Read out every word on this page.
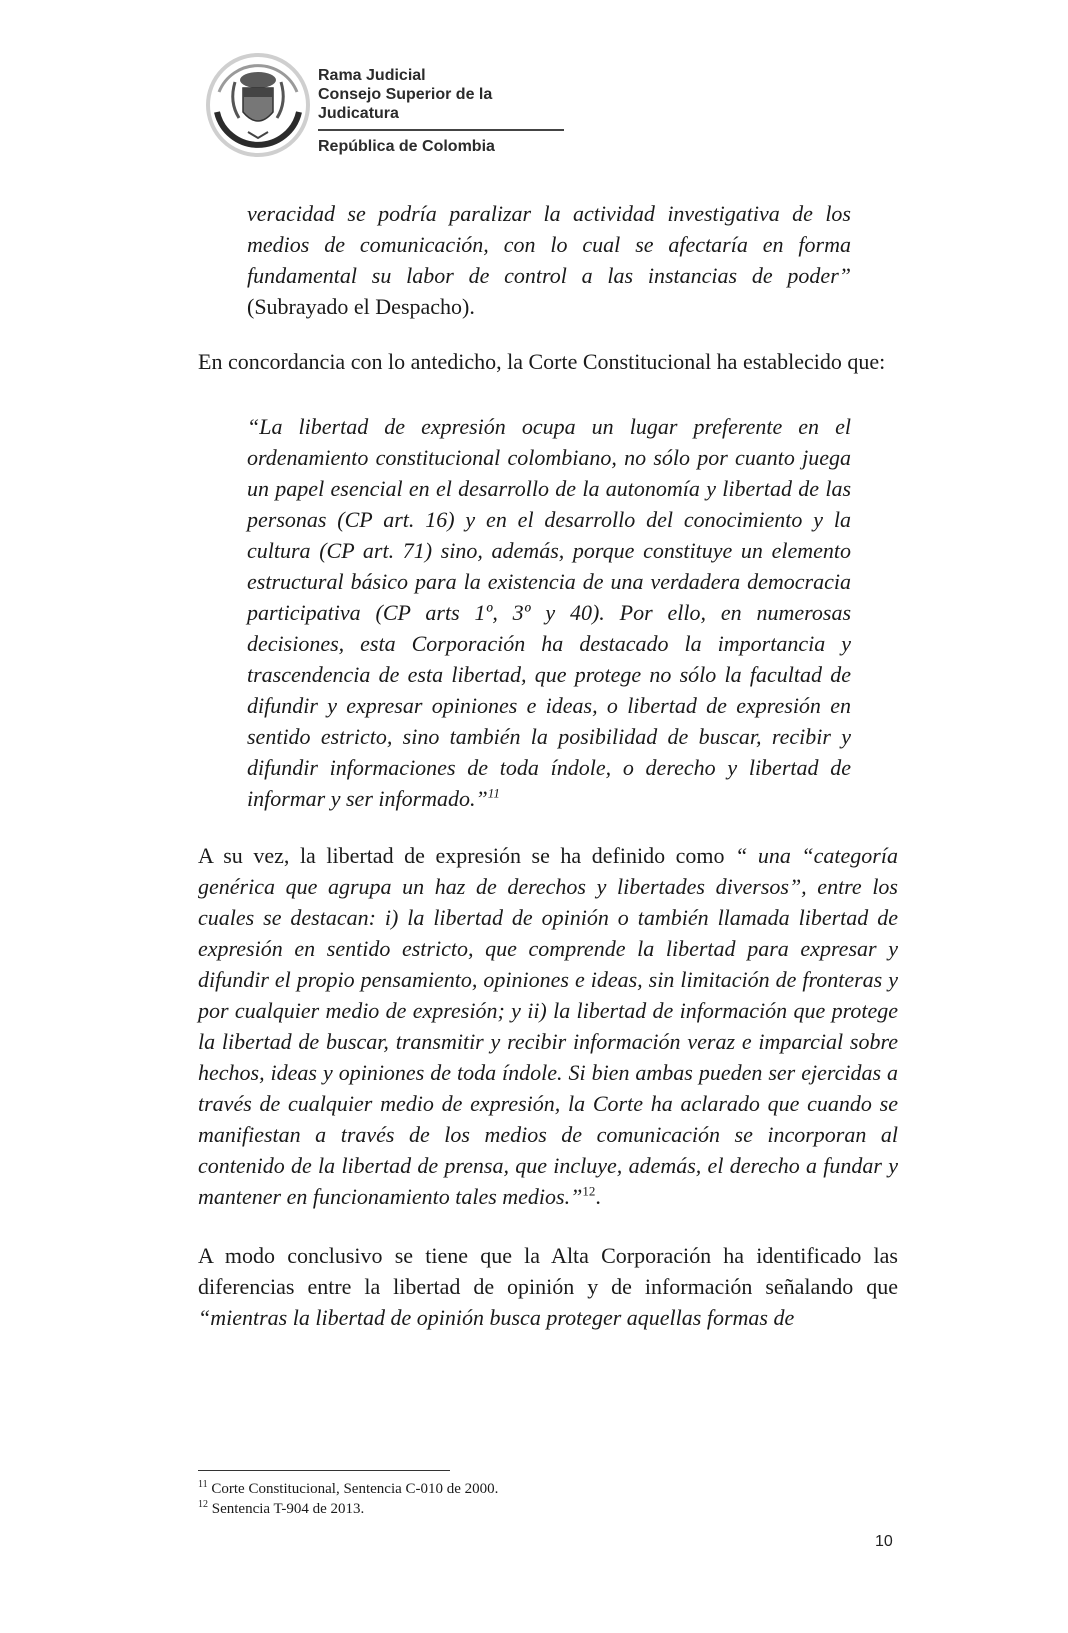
Rama Judicial
Consejo Superior de la Judicatura
República de Colombia

veracidad se podría paralizar la actividad investigativa de los medios de comunicación, con lo cual se afectaría en forma fundamental su labor de control a las instancias de poder” (Subrayado el Despacho).

En concordancia con lo antedicho, la Corte Constitucional ha establecido que:

“La libertad de expresión ocupa un lugar preferente en el ordenamiento constitucional colombiano, no sólo por cuanto juega un papel esencial en el desarrollo de la autonomía y libertad de las personas (CP art. 16) y en el desarrollo del conocimiento y la cultura (CP art. 71) sino, además, porque constituye un elemento estructural básico para la existencia de una verdadera democracia participativa (CP arts 1º, 3º y 40). Por ello, en numerosas decisiones, esta Corporación ha destacado la importancia y trascendencia de esta libertad, que protege no sólo la facultad de difundir y expresar opiniones e ideas, o libertad de expresión en sentido estricto, sino también la posibilidad de buscar, recibir y difundir informaciones de toda índole, o derecho y libertad de informar y ser informado.”$^{11}$

A su vez, la libertad de expresión se ha definido como “ una “categoría genérica que agrupa un haz de derechos y libertades diversos”, entre los cuales se destacan: i) la libertad de opinión o también llamada libertad de expresión en sentido estricto, que comprende la libertad para expresar y difundir el propio pensamiento, opiniones e ideas, sin limitación de fronteras y por cualquier medio de expresión; y ii) la libertad de información que protege la libertad de buscar, transmitir y recibir información veraz e imparcial sobre hechos, ideas y opiniones de toda índole. Si bien ambas pueden ser ejercidas a través de cualquier medio de expresión, la Corte ha aclarado que cuando se manifiestan a través de los medios de comunicación se incorporan al contenido de la libertad de prensa, que incluye, además, el derecho a fundar y mantener en funcionamiento tales medios.”$^{12}$.

A modo conclusivo se tiene que la Alta Corporación ha identificado las diferencias entre la libertad de opinión y de información señalando que “mientras la libertad de opinión busca proteger aquellas formas de

$^{11}$ Corte Constitucional, Sentencia C-010 de 2000.
$^{12}$ Sentencia T-904 de 2013.
10
